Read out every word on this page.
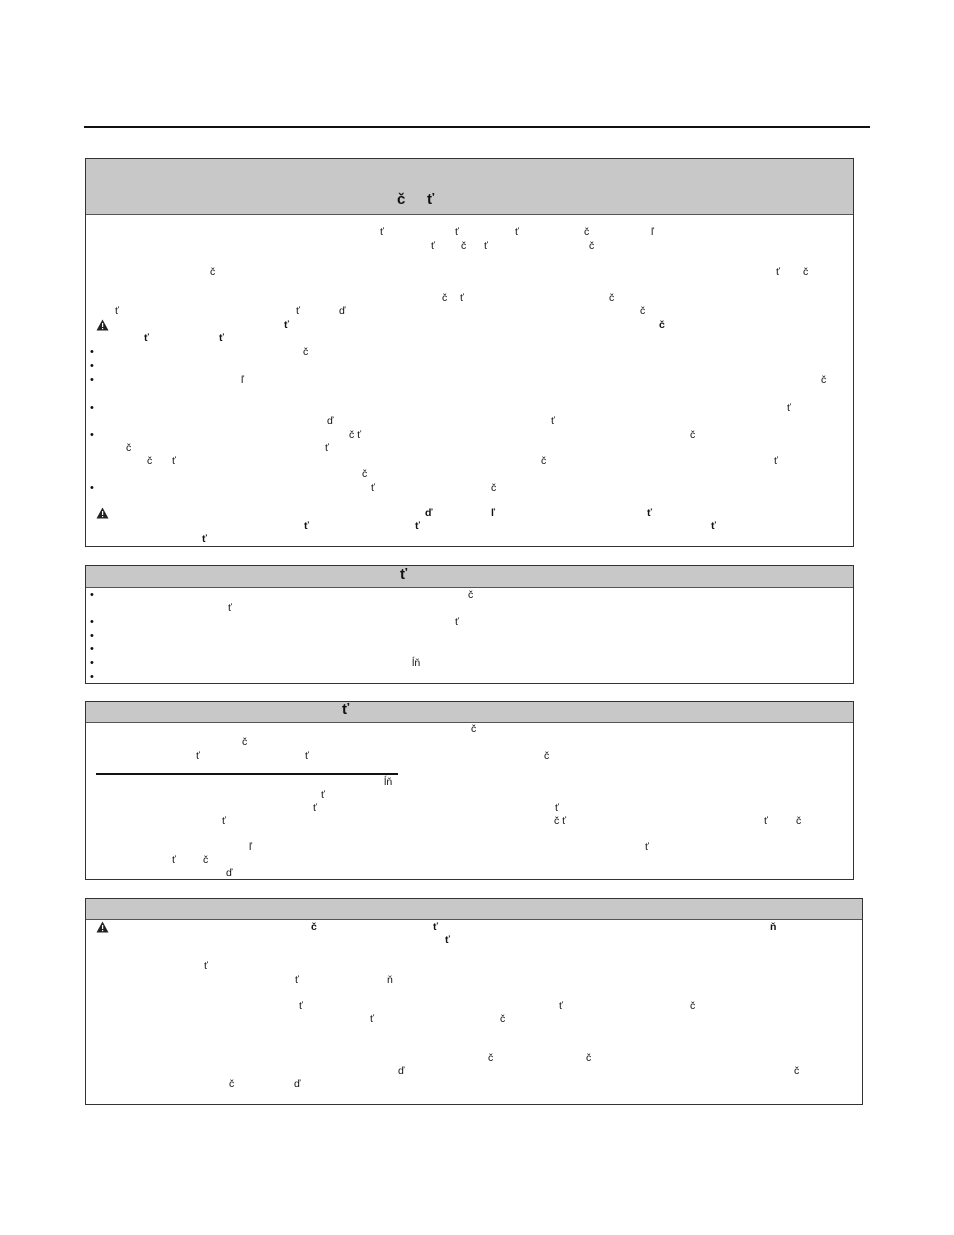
č ť
ť	ť	ť	č	ľ
ť č ť	č
č	ť č
č ť	č
ť	ť	ď	č
ť	č
ť	ť
•	č
•
•	ľ	č
•	ť
ď	ť
•	č ť	č
č	ť
č ť	č	ť
č
•	ť	č
ď	ľ	ť
ť	ť	ť
ť
ť
•	č
ť
•	ť
•
•
•	ĺň
•
ť
č
č
ť	ť	č
ĺň
ť
ť	ť
ť	č ť	ť	č
ľ	ť
ť	č
ď
č	ť	ň
ť
ť
ť	ň
ť	ť	č
ť	č
č	č
ď	č
č	ď
